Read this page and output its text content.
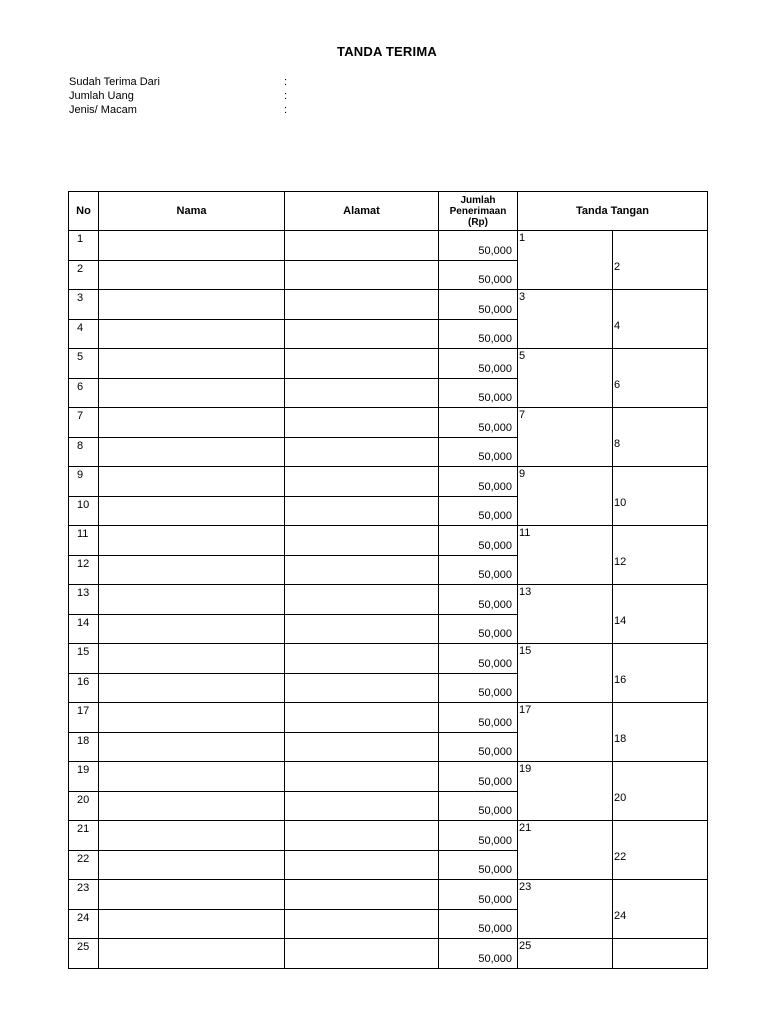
TANDA TERIMA
Sudah Terima Dari	:
Jumlah Uang	:
Jenis/ Macam	:
No	Nama	Alamat	Jumlah
Penerimaan
(Rp)	Tanda Tangan	
1			50,000	1	

2			50,000		2

3			50,000	3	

4			50,000		4

5			50,000	5	

6			50,000		6

7			50,000	7	

8			50,000		8

9			50,000	9	

10			50,000		10

11			50,000	11	

12			50,000		12

13			50,000	13	

14			50,000		14

15			50,000	15	

16			50,000		16

17			50,000	17	

18			50,000		18

19			50,000	19	

20			50,000		20

21			50,000	21	

22			50,000		22

23			50,000	23	

24			50,000		24

25			50,000	25	
